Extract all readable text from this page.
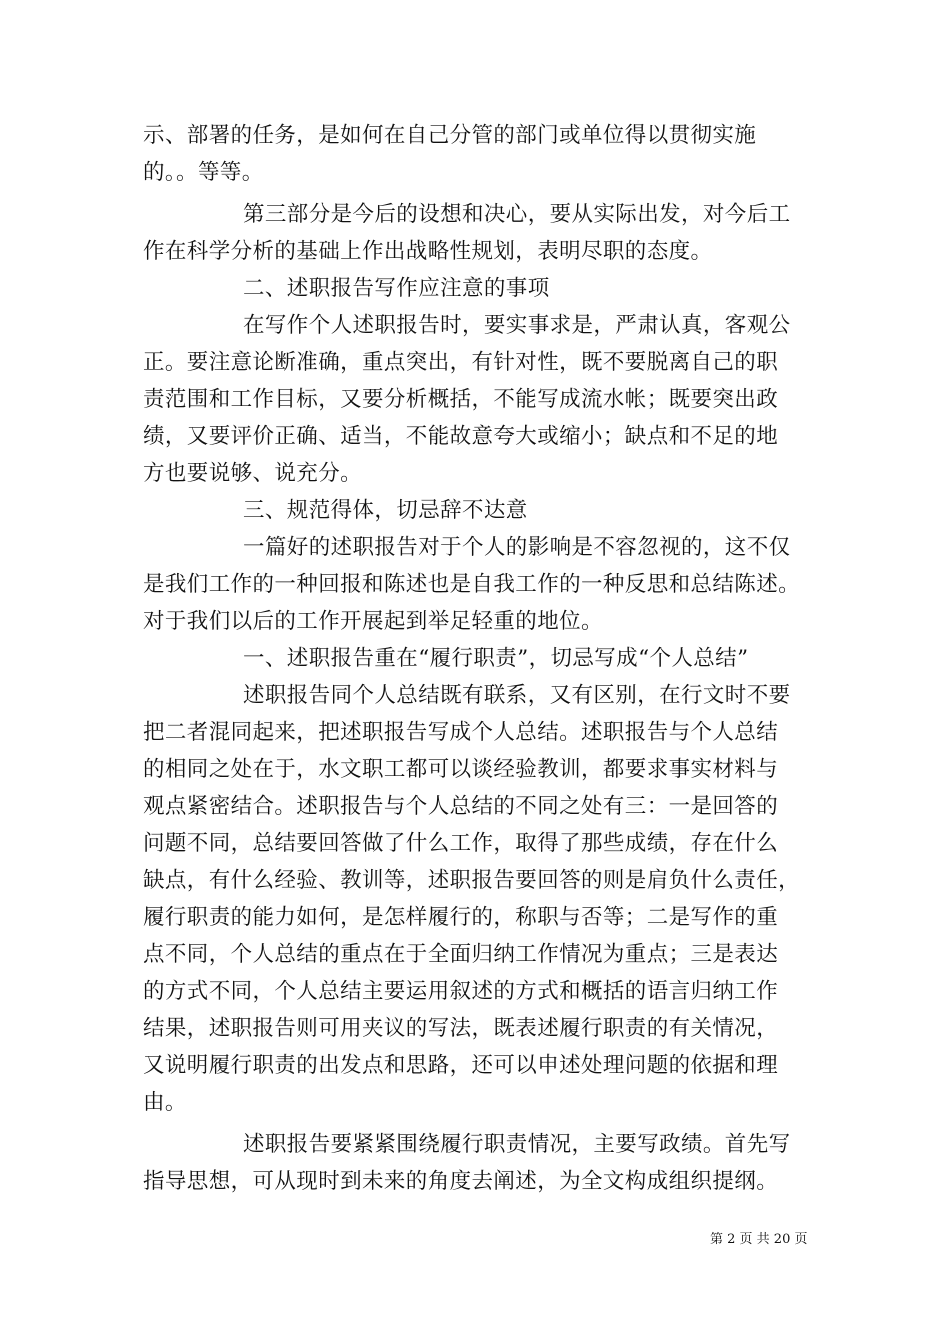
示、部署的任务，是如何在自己分管的部门或单位得以贯彻实施
的。。等等。
第三部分是今后的设想和决心，要从实际出发，对今后工
作在科学分析的基础上作出战略性规划，表明尽职的态度。
二、述职报告写作应注意的事项
在写作个人述职报告时，要实事求是，严肃认真，客观公
正。要注意论断准确，重点突出，有针对性，既不要脱离自己的职
责范围和工作目标，又要分析概括，不能写成流水帐；既要突出政
绩，又要评价正确、适当，不能故意夸大或缩小；缺点和不足的地
方也要说够、说充分。
三、规范得体，切忌辞不达意
一篇好的述职报告对于个人的影响是不容忽视的，这不仅
是我们工作的一种回报和陈述也是自我工作的一种反思和总结陈述。
对于我们以后的工作开展起到举足轻重的地位。
一、述职报告重在“履行职责”，切忌写成“个人总结”
述职报告同个人总结既有联系，又有区别，在行文时不要
把二者混同起来，把述职报告写成个人总结。述职报告与个人总结
的相同之处在于，水文职工都可以谈经验教训，都要求事实材料与
观点紧密结合。述职报告与个人总结的不同之处有三：一是回答的
问题不同，总结要回答做了什么工作，取得了那些成绩，存在什么
缺点，有什么经验、教训等，述职报告要回答的则是肩负什么责任，
履行职责的能力如何，是怎样履行的，称职与否等；二是写作的重
点不同，个人总结的重点在于全面归纳工作情况为重点；三是表达
的方式不同，个人总结主要运用叙述的方式和概括的语言归纳工作
结果，述职报告则可用夹议的写法，既表述履行职责的有关情况，
又说明履行职责的出发点和思路，还可以申述处理问题的依据和理
由。
述职报告要紧紧围绕履行职责情况，主要写政绩。首先写
指导思想，可从现时到未来的角度去阐述，为全文构成组织提纲。
第 2 页 共 20 页
